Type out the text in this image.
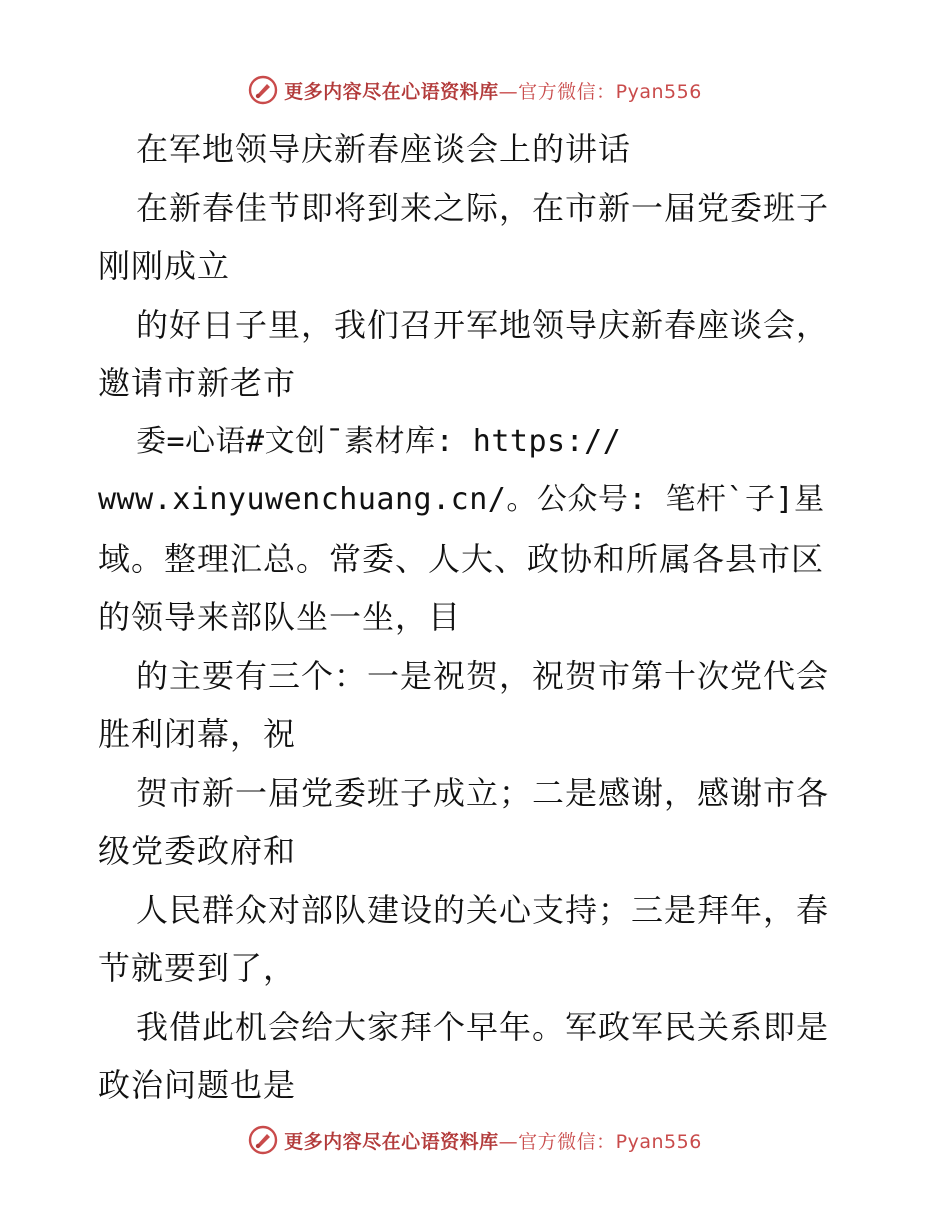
更多内容尽在心语资料库—官方微信：Pyan556
在军地领导庆新春座谈会上的讲话
在新春佳节即将到来之际，在市新一届党委班子
刚刚成立
的好日子里，我们召开军地领导庆新春座谈会，
邀请市新老市
委=心语#文创¯素材库: https://
www.xinyuwenchuang.cn/。公众号: 笔杆`子]星
域。整理汇总。常委、人大、政协和所属各县市区
的领导来部队坐一坐，目
的主要有三个：一是祝贺，祝贺市第十次党代会
胜利闭幕，祝
贺市新一届党委班子成立；二是感谢，感谢市各
级党委政府和
人民群众对部队建设的关心支持；三是拜年，春
节就要到了，
我借此机会给大家拜个早年。军政军民关系即是
政治问题也是
更多内容尽在心语资料库—官方微信：Pyan556
